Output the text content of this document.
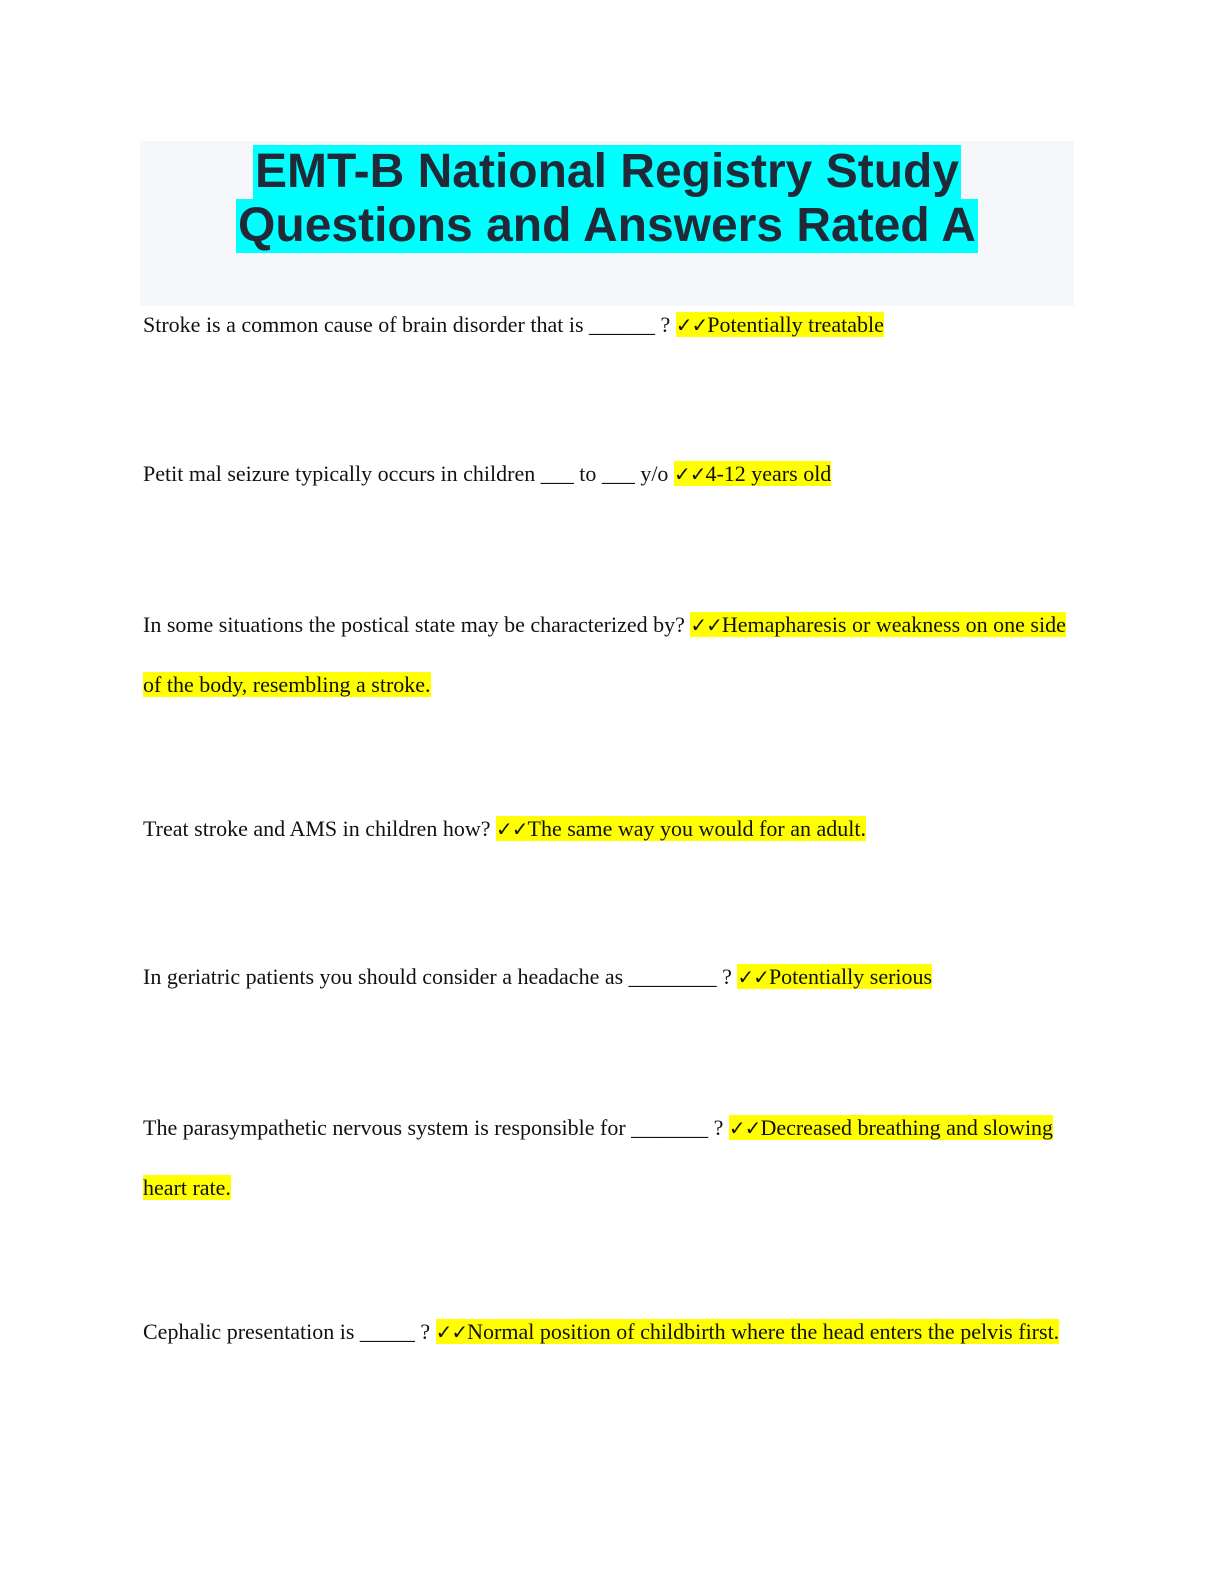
EMT-B National Registry Study
Questions and Answers Rated A

Stroke is a common cause of brain disorder that is ______ ? ✓✓Potentially treatable

Petit mal seizure typically occurs in children ___ to ___ y/o ✓✓4-12 years old

In some situations the postical state may be characterized by? ✓✓Hemapharesis or weakness on one side of the body, resembling a stroke.

Treat stroke and AMS in children how? ✓✓The same way you would for an adult.

In geriatric patients you should consider a headache as ________ ? ✓✓Potentially serious

The parasympathetic nervous system is responsible for _______ ? ✓✓Decreased breathing and slowing heart rate.

Cephalic presentation is _____ ? ✓✓Normal position of childbirth where the head enters the pelvis first.
